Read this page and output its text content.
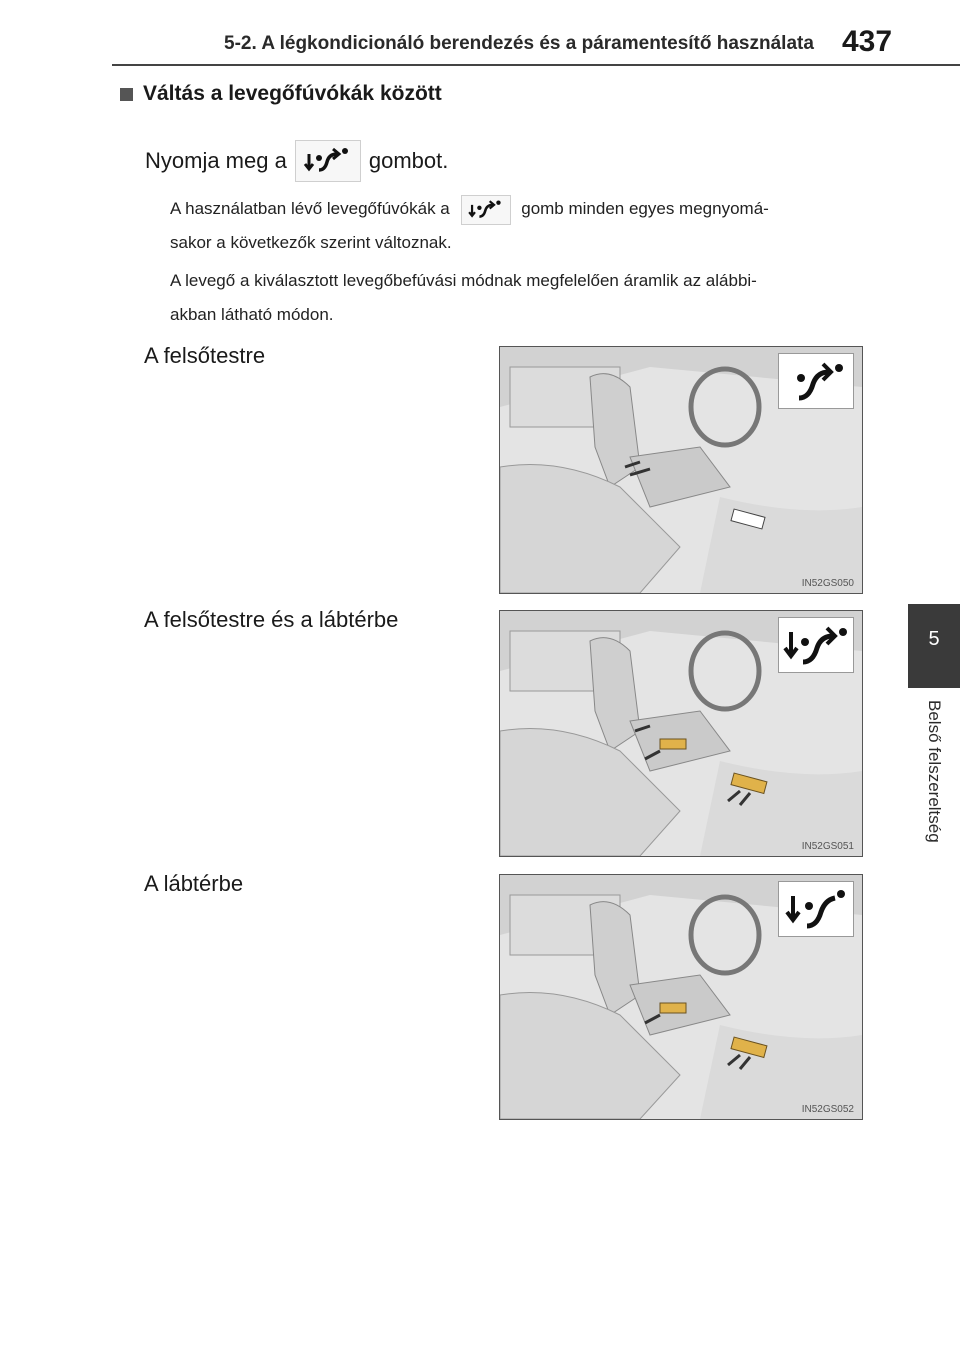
5-2. A légkondicionáló berendezés és a páramentesítő használata 437
5
Belső felszereltség
Váltás a levegőfúvókák között
Nyomja meg a	gombot.
A használatban lévő levegőfúvókák a	gomb minden egyes megnyomá-
sakor a következők szerint változnak.
A levegő a kiválasztott levegőbefúvási módnak megfelelően áramlik az alábbi-
akban látható módon.
A felsőtestre
IN52GS050
A felsőtestre és a lábtérbe
IN52GS051
A lábtérbe
IN52GS052
